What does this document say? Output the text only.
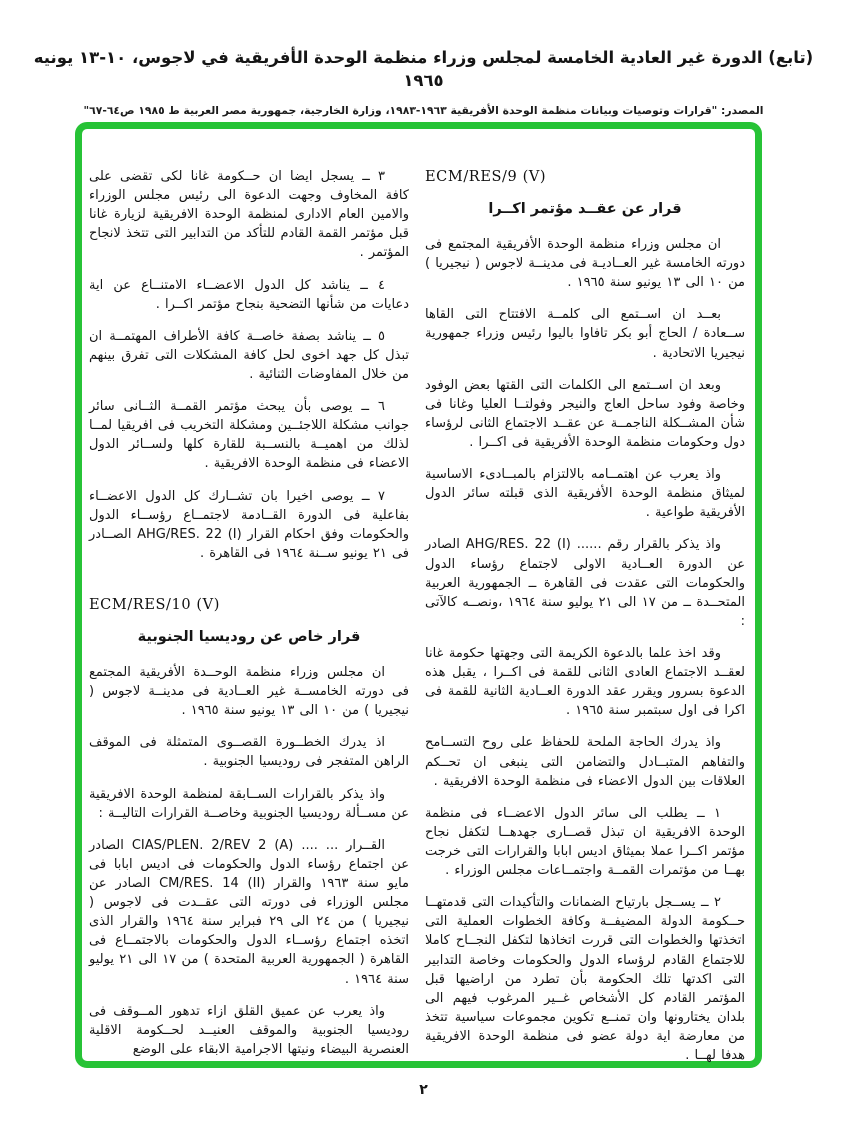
(تابع) الدورة غير العادية الخامسة لمجلس وزراء منظمة الوحدة الأفريقية في لاجوس، ١٠-١٣ يونيه ١٩٦٥
المصدر: "قرارات وتوصيات وبيانات منظمة الوحدة الأفريقية ١٩٦٣-١٩٨٣، وزارة الخارجية، جمهورية مصر العربية ط ١٩٨٥ ص٦٤-٦٧"
ECM/RES/9 (V)
قرار عن عقــد مؤتمر اكــرا

ان مجلس وزراء منظمة الوحدة الأفريقية المجتمع فى دورته الخامسة غير العــاديـة فى مدينــة لاجوس ( نيجيريا ) من ١٠ الى ١٣ يونيو سنة ١٩٦٥ .

بعــد ان اســتمع الى كلمــة الافتتاح التى القاها ســعادة / الحاج أبو بكر تافاوا باليوا رئيس وزراء جمهورية نيجيريا الاتحادية .

وبعد ان اســتمع الى الكلمات التى القتها بعض الوفود وخاصة وفود ساحل العاج والنيجر وفولتــا العليا وغانا فى شأن المشــكلة الناجمــة عن عقــد الاجتماع الثانى لرؤساء دول وحكومات منظمة الوحدة الأفريقية فى اكــرا .

واذ يعرب عن اهتمــامه بالالتزام بالمبــادىء الاساسية لميثاق منظمة الوحدة الأفريقية الذى قبلته سائر الدول الأفريقية طواعية .

واذ يذكر بالقرار رقم ...... AHG/RES. 22 (I) الصادر عن الدورة العــادية الاولى لاجتماع رؤساء الدول والحكومات التى عقدت فى القاهرة ــ الجمهورية العربية المتحــدة ــ من ١٧ الى ٢١ يوليو سنة ١٩٦٤ ،ونصــه كالآتى :

وقد اخذ علما بالدعوة الكريمة التى وجهتها حكومة غانا لعقــد الاجتماع العادى الثانى للقمة فى اكــرا ، يقبل هذه الدعوة بسرور ويقرر عقد الدورة العــادية الثانية للقمة فى اكرا فى اول سبتمبر سنة ١٩٦٥ .

واذ يدرك الحاجة الملحة للحفاظ على روح التســامح والتفاهم المتبــادل والتضامن التى ينبغى ان تحــكم العلاقات بين الدول الاعضاء فى منظمة الوحدة الافريقية .

١ ــ يطلب الى سائر الدول الاعضــاء فى منظمة الوحدة الافريقية ان تبذل قصــارى جهدهــا لتكفل نجاح مؤتمر اكــرا عملا بميثاق اديس ابابا والقرارات التى خرجت بهــا من مؤتمرات القمــة واجتمــاعات مجلس الوزراء .

٢ ــ يســجل بارتياح الضمانات والتأكيدات التى قدمتهــا حــكومة الدولة المضيفــة وكافة الخطوات العملية التى اتخذتها والخطوات التى قررت اتخاذها لتكفل النجــاح كاملا للاجتماع القادم لرؤساء الدول والحكومات وخاصة التدابير التى اكدتها تلك الحكومة بأن تطرد من اراضيها قبل المؤتمر القادم كل الأشخاص غــير المرغوب فيهم الى بلدان يختارونها وان تمنــع تكوين مجموعات سياسية تتخذ من معارضة اية دولة عضو فى منظمة الوحدة الافريقية هدفا لهــا .

٣ ــ يسجل ايضا ان حــكومة غانا لكى تقضى على كافة المخاوف وجهت الدعوة الى رئيس مجلس الوزراء والامين العام الادارى لمنظمة الوحدة الافريقية لزيارة غانا قبل مؤتمر القمة القادم للتأكد من التدابير التى تتخذ لانجاح المؤتمر .

٤ ــ يناشد كل الدول الاعضــاء الامتنــاع عن اية دعايات من شأنها التضحية بنجاح مؤتمر اكــرا .

٥ ــ يناشد بصفة خاصــة كافة الأطراف المهتمــة ان تبذل كل جهد اخوى لحل كافة المشكلات التى تفرق بينهم من خلال المفاوضات الثنائية .

٦ ــ يوصى بأن يبحث مؤتمر القمــة الثــانى سائر جوانب مشكلة اللاجئــين ومشكلة التخريب فى افريقيا لمــا لذلك من اهميــة بالنســبة للقارة كلها ولســائر الدول الاعضاء فى منظمة الوحدة الافريقية .

٧ ــ يوصى اخيرا بان تشــارك كل الدول الاعضــاء بفاعلية فى الدورة القــادمة لاجتمــاع رؤســاء الدول والحكومات وفق احكام القرار AHG/RES. 22 (I) الصــادر فى ٢١ يونيو ســنة ١٩٦٤ فى القاهرة .

ECM/RES/10 (V)
قرار خاص عن روديسيا الجنوبية

ان مجلس وزراء منظمة الوحــدة الأفريقية المجتمع فى دورته الخامســة غير العــادية فى مدينــة لاجوس ( نيجيريا ) من ١٠ الى ١٣ يونيو سنة ١٩٦٥ .

اذ يدرك الخطــورة القصــوى المتمثلة فى الموقف الراهن المتفجر فى روديسيا الجنوبية .

واذ يذكر بالقرارات الســابقة لمنظمة الوحدة الافريقية عن مســألة روديسيا الجنوبية وخاصــة القرارات التاليــة :

القــرار ... .... CIAS/PLEN. 2/REV 2 (A) الصادر عن اجتماع رؤساء الدول والحكومات فى اديس ابابا فى مايو سنة ١٩٦٣ والقرار CM/RES. 14 (II) الصادر عن مجلس الوزراء فى دورته التى عقــدت فى لاجوس ( نيجيريا ) من ٢٤ الى ٢٩ فبراير سنة ١٩٦٤ والقرار الذى اتخذه اجتماع رؤســاء الدول والحكومات بالاجتمــاع فى القاهرة ( الجمهورية العربية المتحدة ) من ١٧ الى ٢١ يوليو سنة ١٩٦٤ .

واذ يعرب عن عميق القلق ازاء تدهور المــوقف فى روديسيا الجنوبية والموقف العنيــد لحــكومة الاقلية العنصرية البيضاء ونيتها الاجرامية الابقاء على الوضع

٢
